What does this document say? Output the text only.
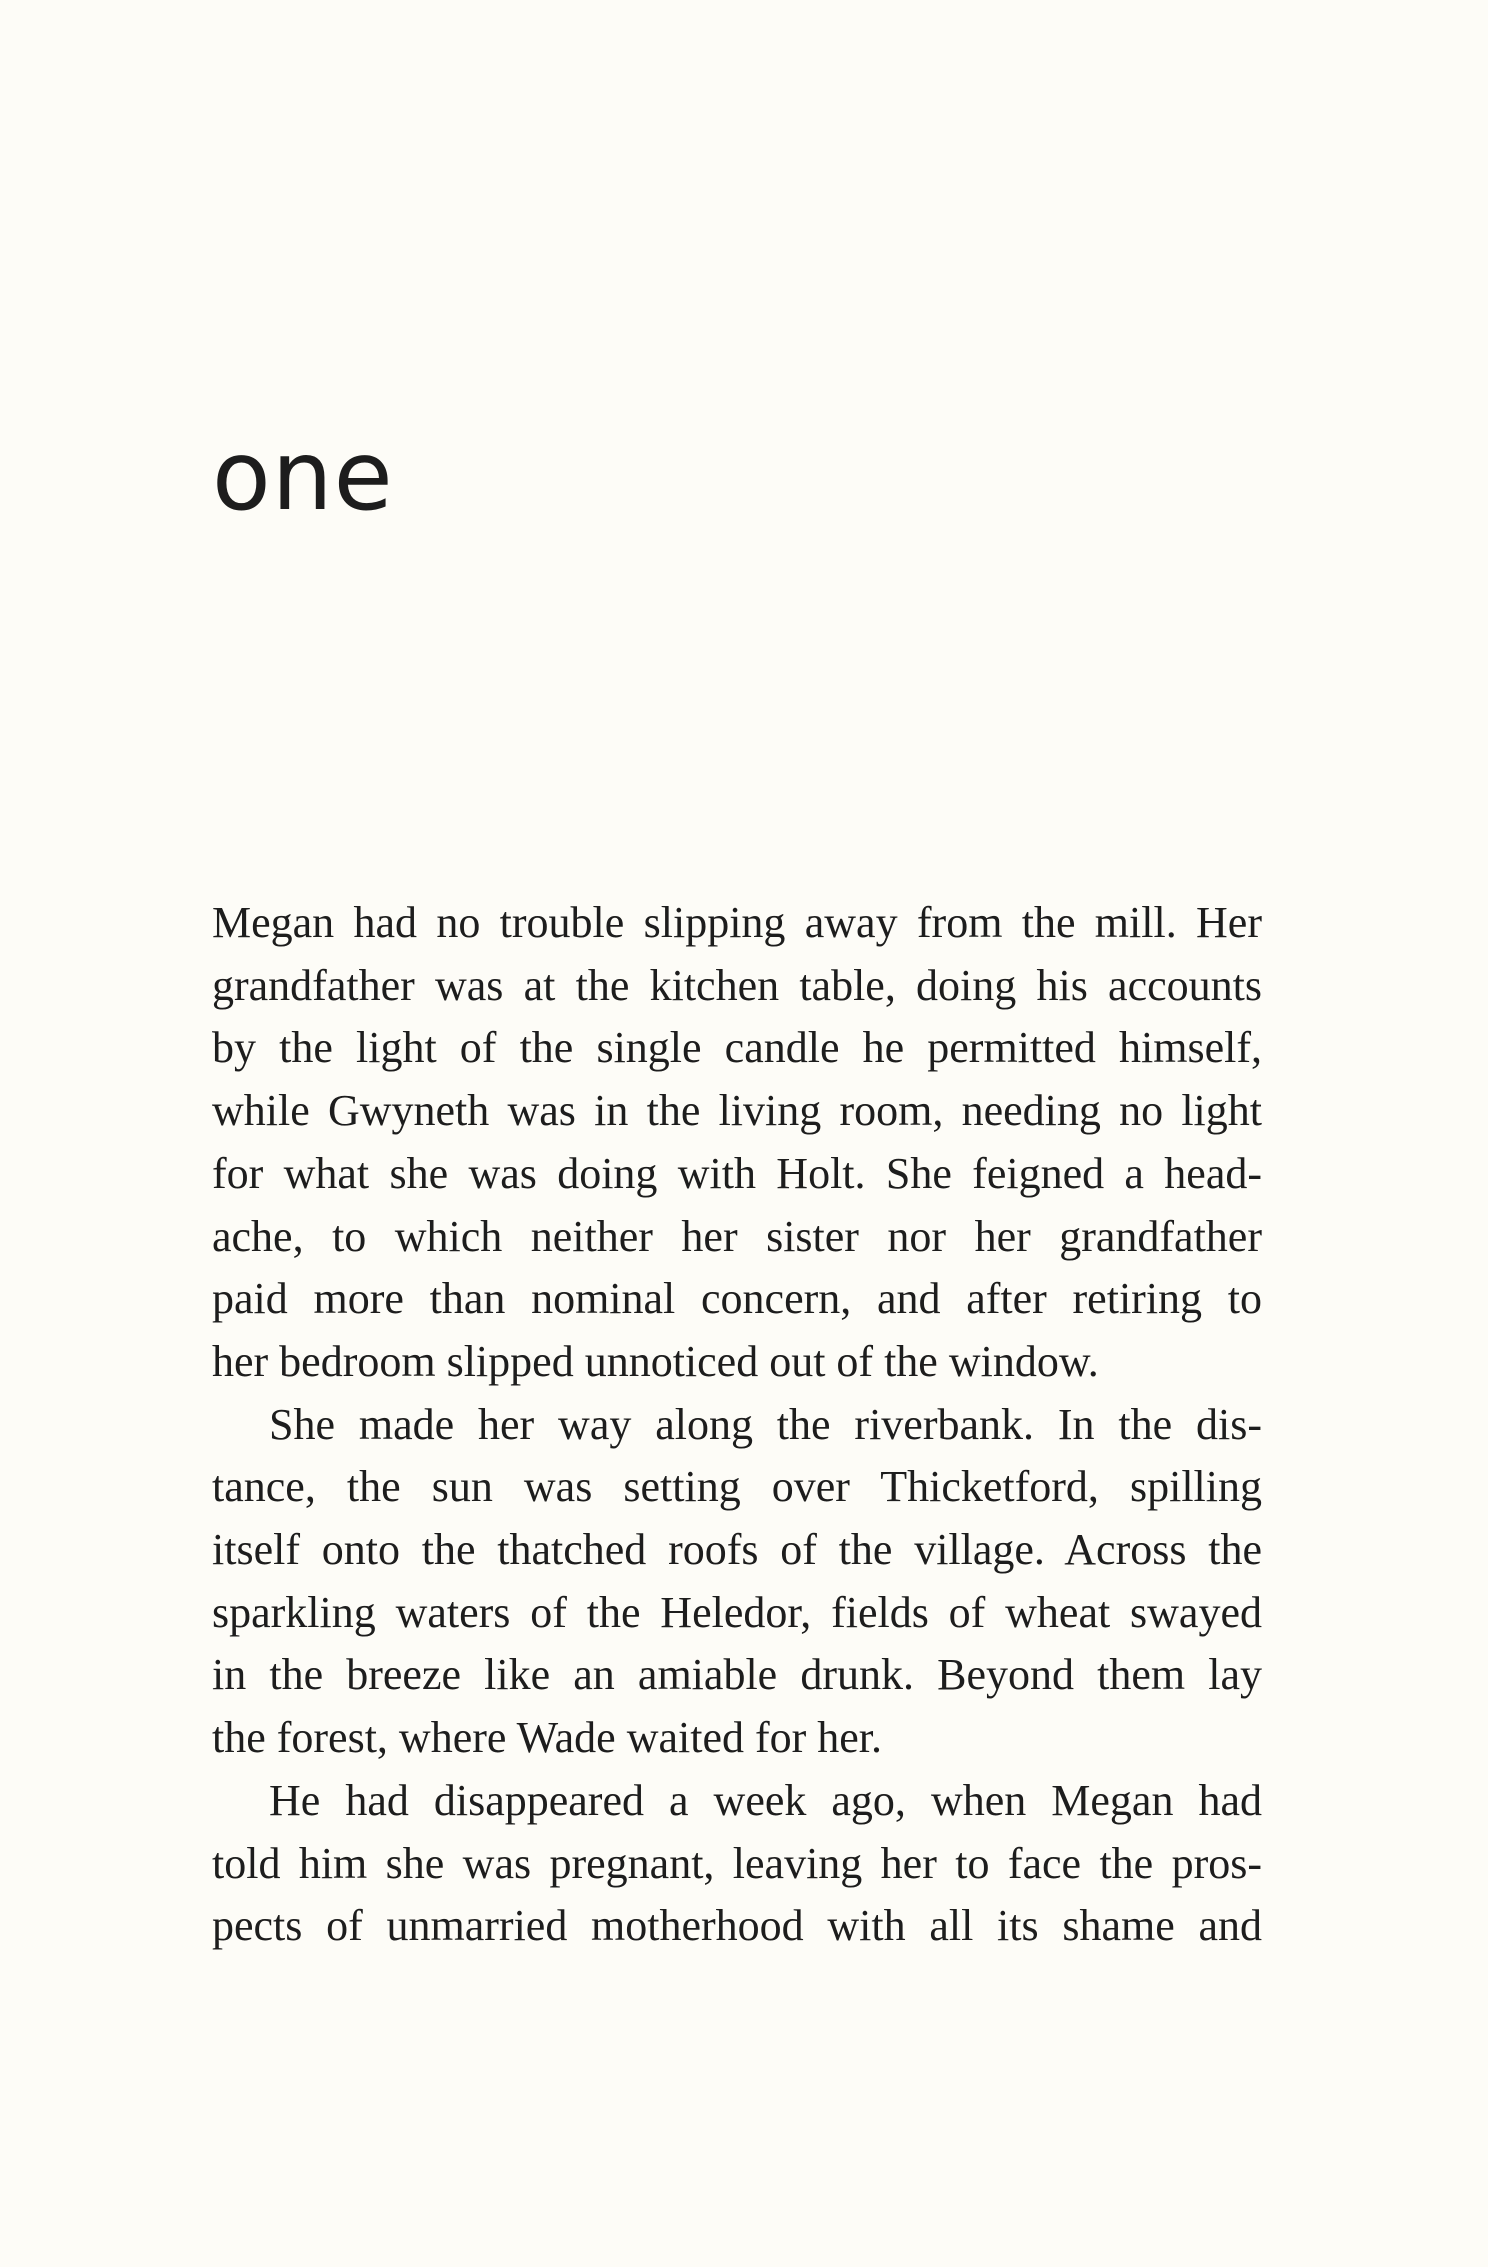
one

Megan had no trouble slipping away from the mill. Her
grandfather was at the kitchen table, doing his accounts
by the light of the single candle he permitted himself,
while Gwyneth was in the living room, needing no light
for what she was doing with Holt. She feigned a head-
ache, to which neither her sister nor her grandfather
paid more than nominal concern, and after retiring to
her bedroom slipped unnoticed out of the window.

She made her way along the riverbank. In the dis-
tance, the sun was setting over Thicketford, spilling
itself onto the thatched roofs of the village. Across the
sparkling waters of the Heledor, fields of wheat swayed
in the breeze like an amiable drunk. Beyond them lay
the forest, where Wade waited for her.

He had disappeared a week ago, when Megan had
told him she was pregnant, leaving her to face the pros-
pects of unmarried motherhood with all its shame and
